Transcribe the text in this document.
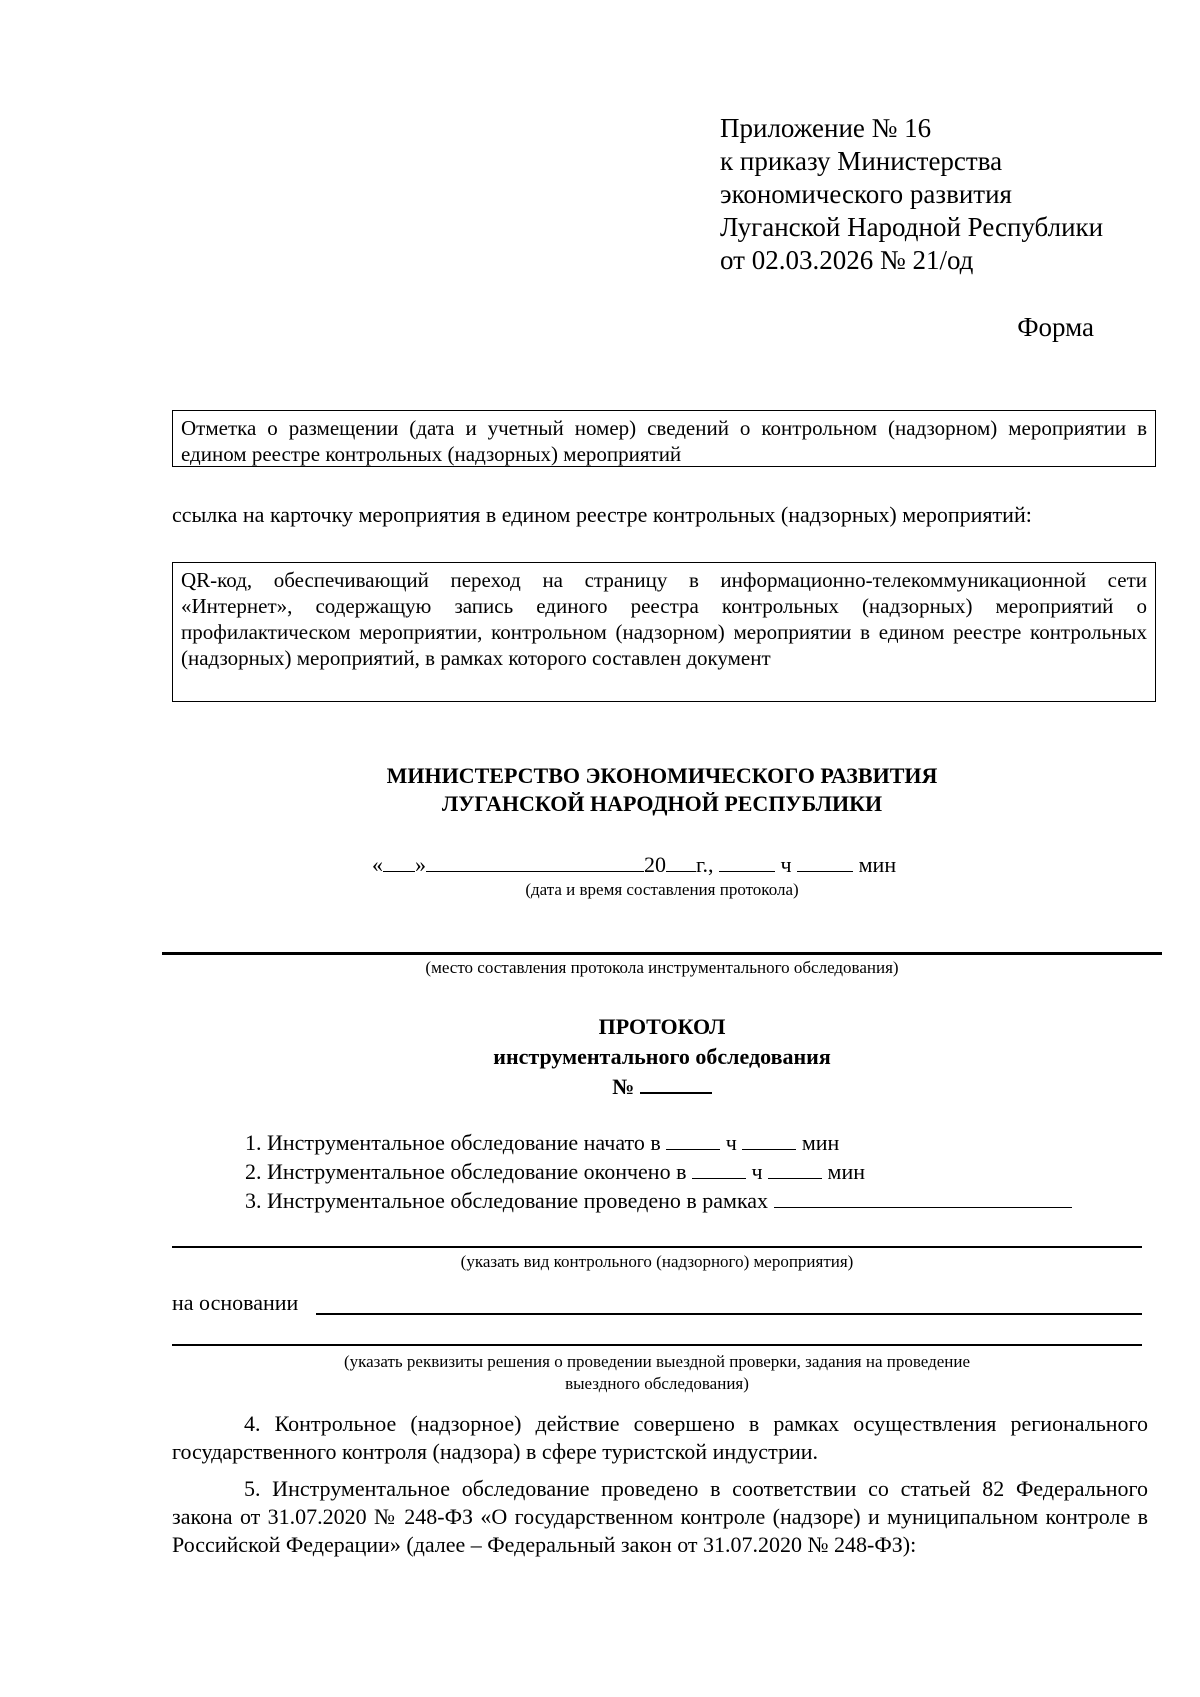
Приложение № 16
к приказу Министерства
экономического развития
Луганской Народной Республики
от 02.03.2026 № 21/од
Форма
Отметка о размещении (дата и учетный номер) сведений о контрольном (надзорном) мероприятии в едином реестре контрольных (надзорных) мероприятий
ссылка на карточку мероприятия в едином реестре контрольных (надзорных) мероприятий:
QR-код, обеспечивающий переход на страницу в информационно-телекоммуникационной сети «Интернет», содержащую запись единого реестра контрольных (надзорных) мероприятий о профилактическом мероприятии, контрольном (надзорном) мероприятии в едином реестре контрольных (надзорных) мероприятий, в рамках которого составлен документ
МИНИСТЕРСТВО ЭКОНОМИЧЕСКОГО РАЗВИТИЯ
ЛУГАНСКОЙ НАРОДНОЙ РЕСПУБЛИКИ
« »	20 г.,	ч	мин
(дата и время составления протокола)
(место составления протокола инструментального обследования)
ПРОТОКОЛ
инструментального обследования
№
1. Инструментальное обследование начато в	ч	мин
2. Инструментальное обследование окончено в	ч	мин
3. Инструментальное обследование проведено в рамках
(указать вид контрольного (надзорного) мероприятия)
на основании
(указать реквизиты решения о проведении выездной проверки, задания на проведение
выездного обследования)
4. Контрольное (надзорное) действие совершено в рамках осуществления регионального государственного контроля (надзора) в сфере туристской индустрии.
5. Инструментальное обследование проведено в соответствии со статьей 82 Федерального закона от 31.07.2020 № 248-ФЗ «О государственном контроле (надзоре) и муниципальном контроле в Российской Федерации» (далее – Федеральный закон от 31.07.2020 № 248-ФЗ):
